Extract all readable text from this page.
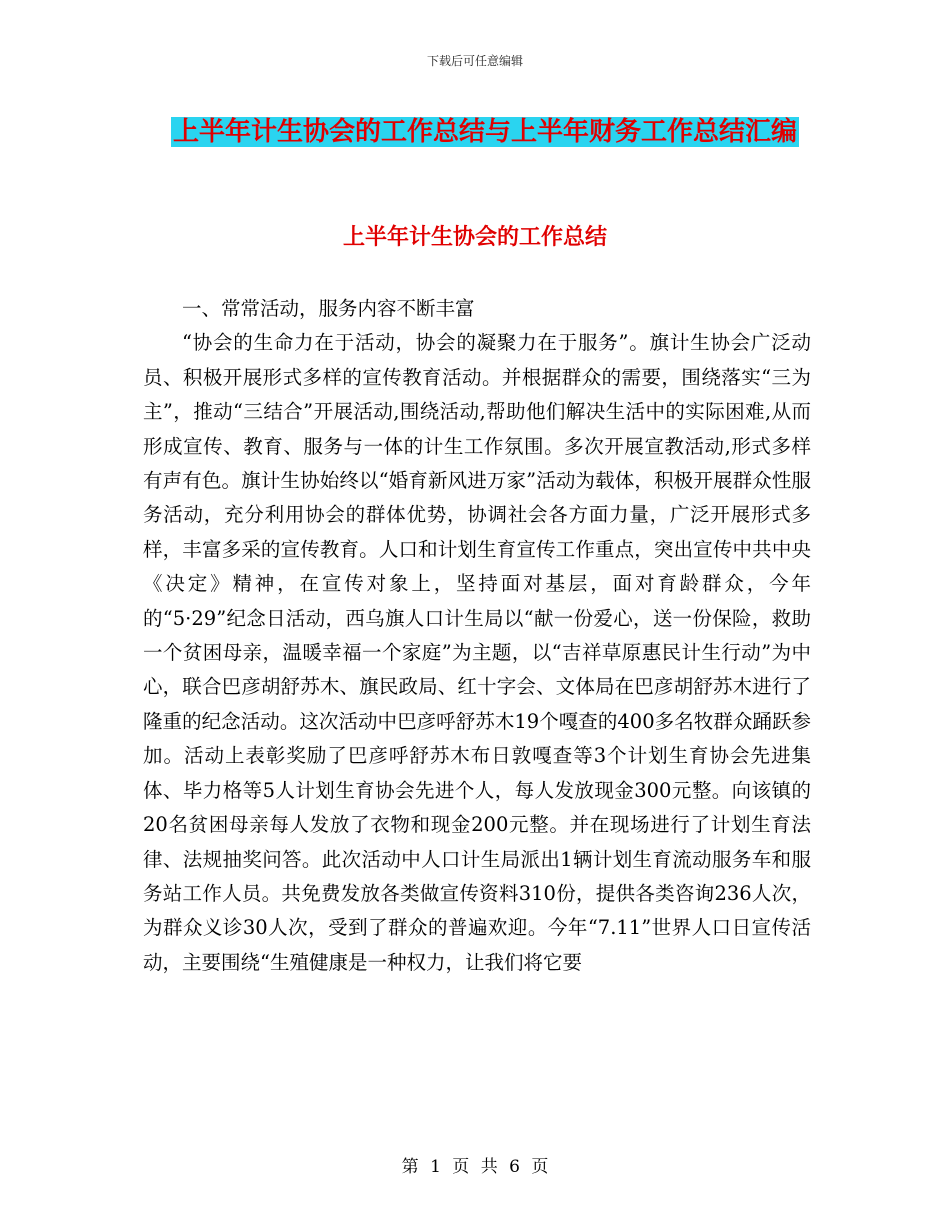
下载后可任意编辑
上半年计生协会的工作总结与上半年财务工作总结汇编
上半年计生协会的工作总结

一、常常活动，服务内容不断丰富

“协会的生命力在于活动，协会的凝聚力在于服务”。旗计生协会广泛动员、积极开展形式多样的宣传教育活动。并根据群众的需要，围绕落实“三为主”，推动“三结合”开展活动,围绕活动,帮助他们解决生活中的实际困难,从而形成宣传、教育、服务与一体的计生工作氛围。多次开展宣教活动,形式多样有声有色。旗计生协始终以“婚育新风进万家”活动为载体，积极开展群众性服务活动，充分利用协会的群体优势，协调社会各方面力量，广泛开展形式多样，丰富多采的宣传教育。人口和计划生育宣传工作重点，突出宣传中共中央《决定》精神，在宣传对象上，坚持面对基层，面对育龄群众，今年的“5·29”纪念日活动，西乌旗人口计生局以“献一份爱心，送一份保险，救助一个贫困母亲，温暖幸福一个家庭”为主题，以“吉祥草原惠民计生行动”为中心，联合巴彦胡舒苏木、旗民政局、红十字会、文体局在巴彦胡舒苏木进行了隆重的纪念活动。这次活动中巴彦呼舒苏木19个嘎查的400多名牧群众踊跃参加。活动上表彰奖励了巴彦呼舒苏木布日敦嘎查等3个计划生育协会先进集体、毕力格等5人计划生育协会先进个人，每人发放现金300元整。向该镇的20名贫困母亲每人发放了衣物和现金200元整。并在现场进行了计划生育法律、法规抽奖问答。此次活动中人口计生局派出1辆计划生育流动服务车和服务站工作人员。共免费发放各类做宣传资料310份，提供各类咨询236人次，为群众义诊30人次，受到了群众的普遍欢迎。今年“7.11”世界人口日宣传活动，主要围绕“生殖健康是一种权力，让我们将它要

第 1 页 共 6 页
